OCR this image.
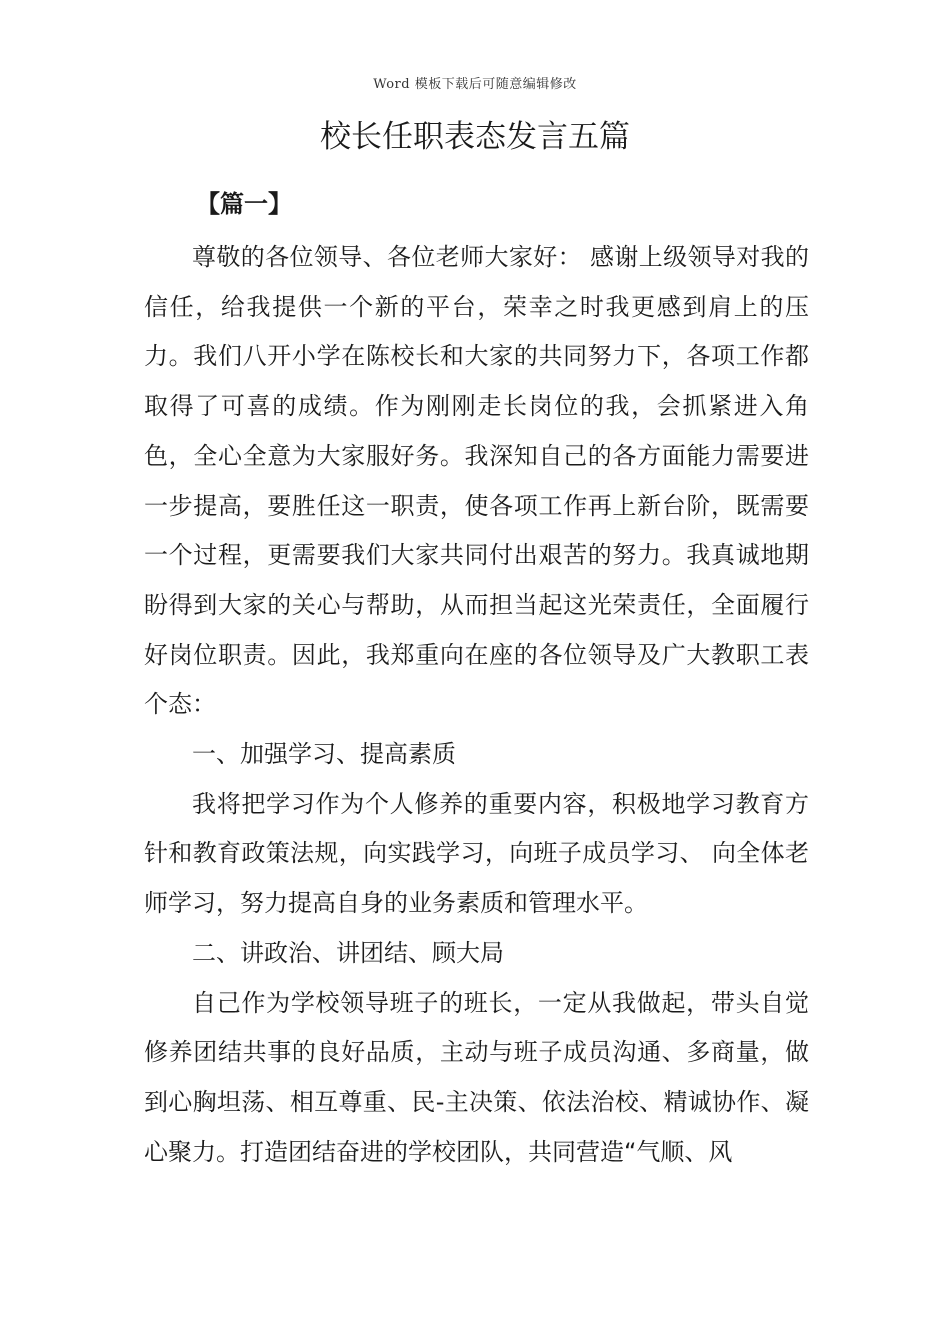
Word 模板下载后可随意编辑修改
校长任职表态发言五篇
【篇一】

尊敬的各位领导、各位老师大家好： 感谢上级领导对我的信任，给我提供一个新的平台，荣幸之时我更感到肩上的压力。我们八开小学在陈校长和大家的共同努力下，各项工作都取得了可喜的成绩。作为刚刚走长岗位的我，会抓紧进入角色，全心全意为大家服好务。我深知自己的各方面能力需要进一步提高，要胜任这一职责，使各项工作再上新台阶，既需要一个过程，更需要我们大家共同付出艰苦的努力。我真诚地期盼得到大家的关心与帮助，从而担当起这光荣责任，全面履行好岗位职责。因此，我郑重向在座的各位领导及广大教职工表个态：

一、加强学习、提高素质

我将把学习作为个人修养的重要内容，积极地学习教育方针和教育政策法规，向实践学习，向班子成员学习、 向全体老师学习，努力提高自身的业务素质和管理水平。

二、讲政治、讲团结、顾大局

自己作为学校领导班子的班长，一定从我做起，带头自觉修养团结共事的良好品质，主动与班子成员沟通、多商量，做到心胸坦荡、相互尊重、民-主决策、依法治校、精诚协作、凝心聚力。打造团结奋进的学校团队，共同营造“气顺、风
